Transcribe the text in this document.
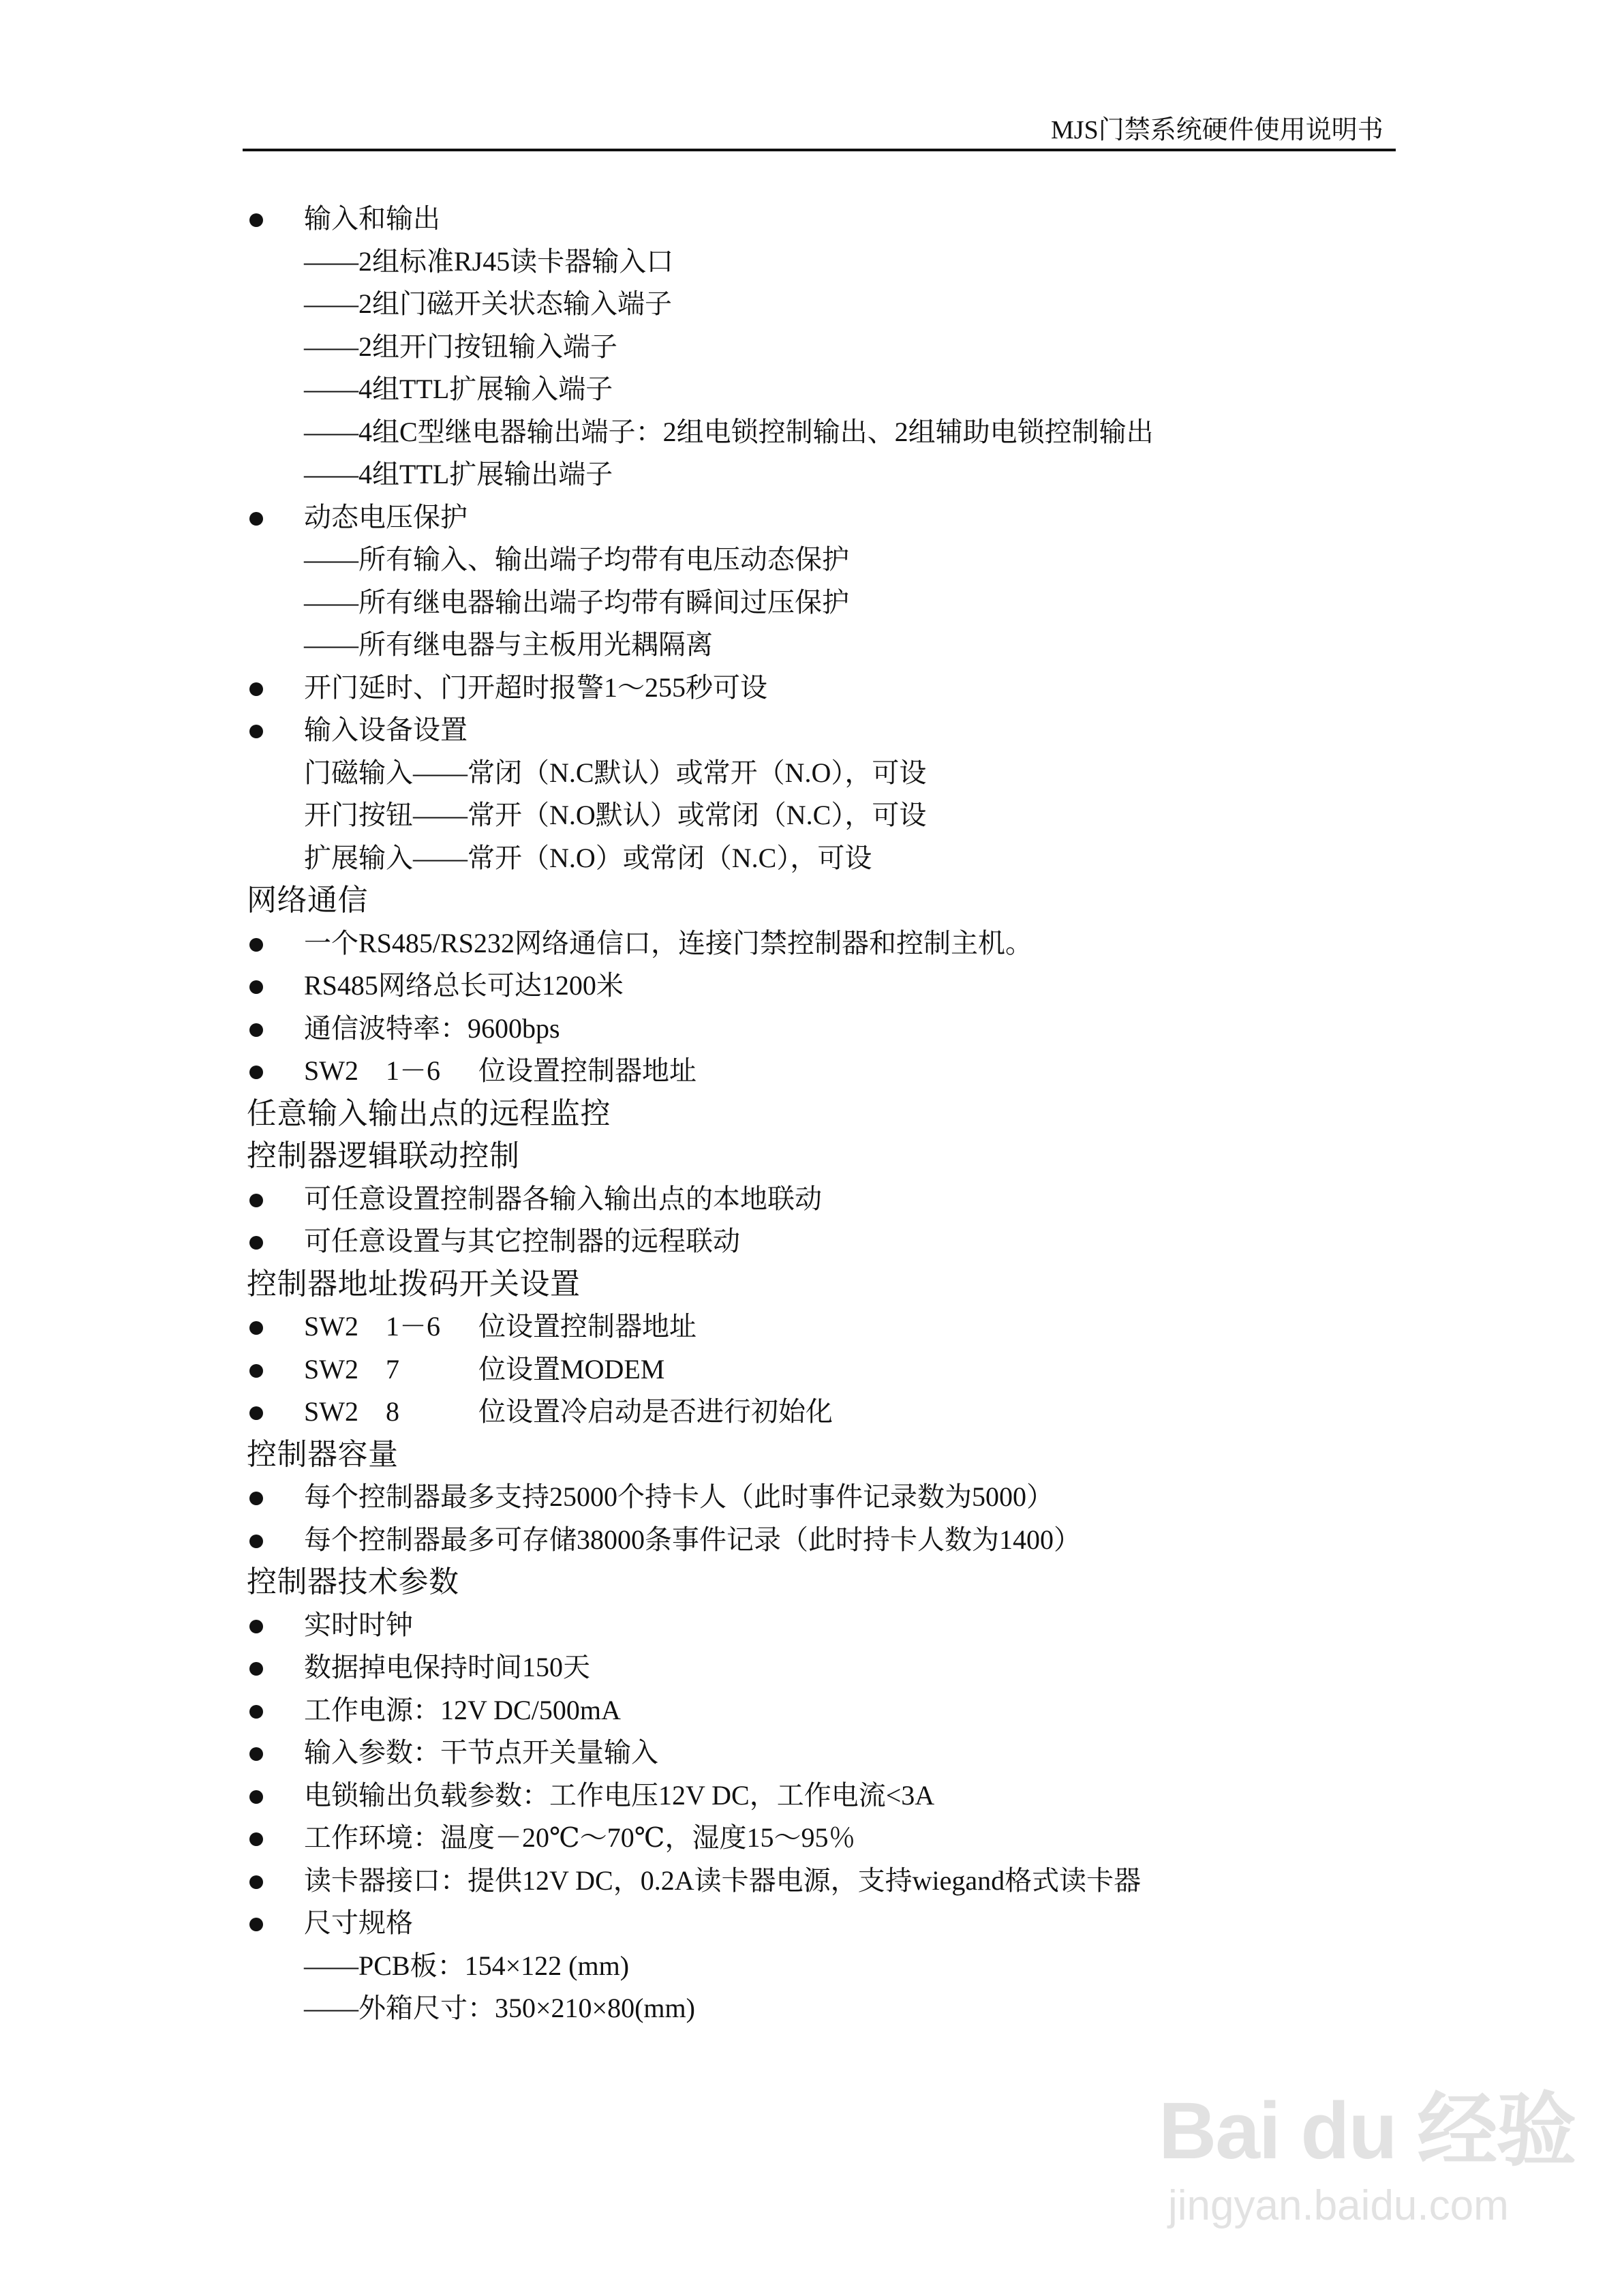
MJS门禁系统硬件使用说明书
输入和输出
——2组标准RJ45读卡器输入口
——2组门磁开关状态输入端子
——2组开门按钮输入端子
——4组TTL扩展输入端子
——4组C型继电器输出端子：2组电锁控制输出、2组辅助电锁控制输出
——4组TTL扩展输出端子
动态电压保护
——所有输入、输出端子均带有电压动态保护
——所有继电器输出端子均带有瞬间过压保护
——所有继电器与主板用光耦隔离
开门延时、门开超时报警1～255秒可设
输入设备设置
门磁输入——常闭（N.C默认）或常开（N.O），可设
开门按钮——常开（N.O默认）或常闭（N.C），可设
扩展输入——常开（N.O）或常闭（N.C），可设
网络通信
一个RS485/RS232网络通信口，连接门禁控制器和控制主机。
RS485网络总长可达1200米
通信波特率：9600bps
SW2　1－6 位设置控制器地址
任意输入输出点的远程监控
控制器逻辑联动控制
可任意设置控制器各输入输出点的本地联动
可任意设置与其它控制器的远程联动
控制器地址拨码开关设置
SW2　1－6 位设置控制器地址
SW2　7	位设置MODEM
SW2　8	位设置冷启动是否进行初始化
控制器容量
每个控制器最多支持25000个持卡人（此时事件记录数为5000）
每个控制器最多可存储38000条事件记录（此时持卡人数为1400）
控制器技术参数
实时时钟
数据掉电保持时间150天
工作电源：12V DC/500mA
输入参数：干节点开关量输入
电锁输出负载参数：工作电压12V DC，工作电流<3A
工作环境：温度－20℃～70℃，湿度15～95％
读卡器接口：提供12V DC，0.2A读卡器电源，支持wiegand格式读卡器
尺寸规格
——PCB板：154×122 (mm)
——外箱尺寸：350×210×80(mm)
Bai du 经验
jingyan.baidu.com
